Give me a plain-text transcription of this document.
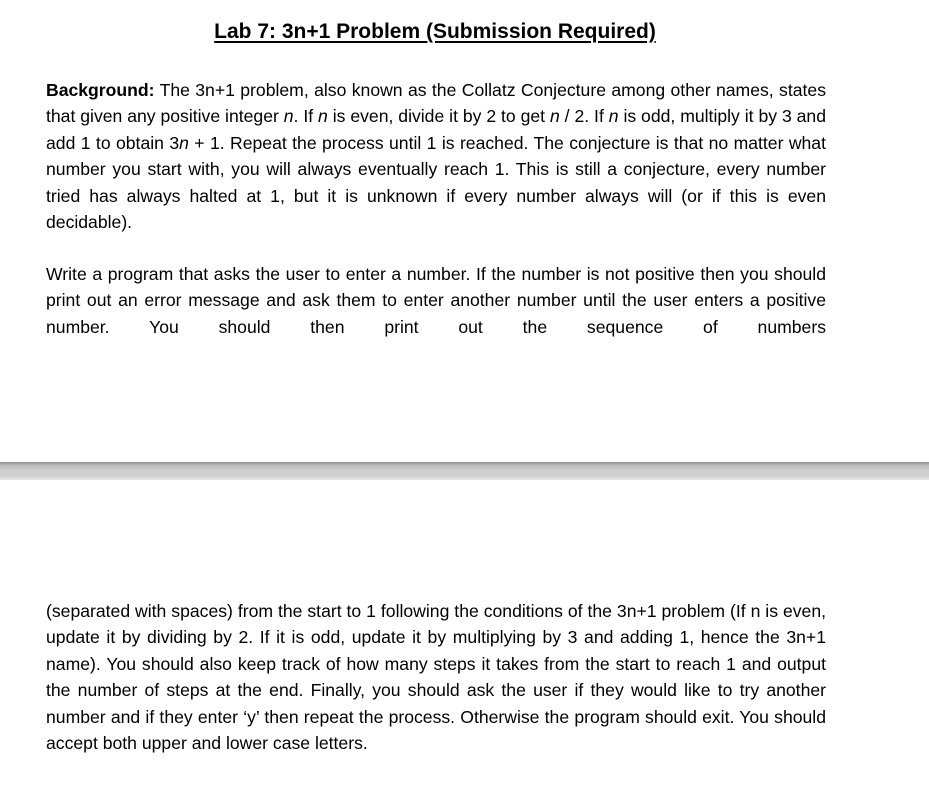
Lab 7: 3n+1 Problem (Submission Required)

Background: The 3n+1 problem, also known as the Collatz Conjecture among other names, states that given any positive integer n. If n is even, divide it by 2 to get n / 2. If n is odd, multiply it by 3 and add 1 to obtain 3n + 1. Repeat the process until 1 is reached. The conjecture is that no matter what number you start with, you will always eventually reach 1. This is still a conjecture, every number tried has always halted at 1, but it is unknown if every number always will (or if this is even decidable).

Write a program that asks the user to enter a number. If the number is not positive then you should print out an error message and ask them to enter another number until the user enters a positive number. You should then print out the sequence of numbers

(separated with spaces) from the start to 1 following the conditions of the 3n+1 problem (If n is even, update it by dividing by 2. If it is odd, update it by multiplying by 3 and adding 1, hence the 3n+1 name). You should also keep track of how many steps it takes from the start to reach 1 and output the number of steps at the end. Finally, you should ask the user if they would like to try another number and if they enter ‘y’ then repeat the process. Otherwise the program should exit. You should accept both upper and lower case letters.
